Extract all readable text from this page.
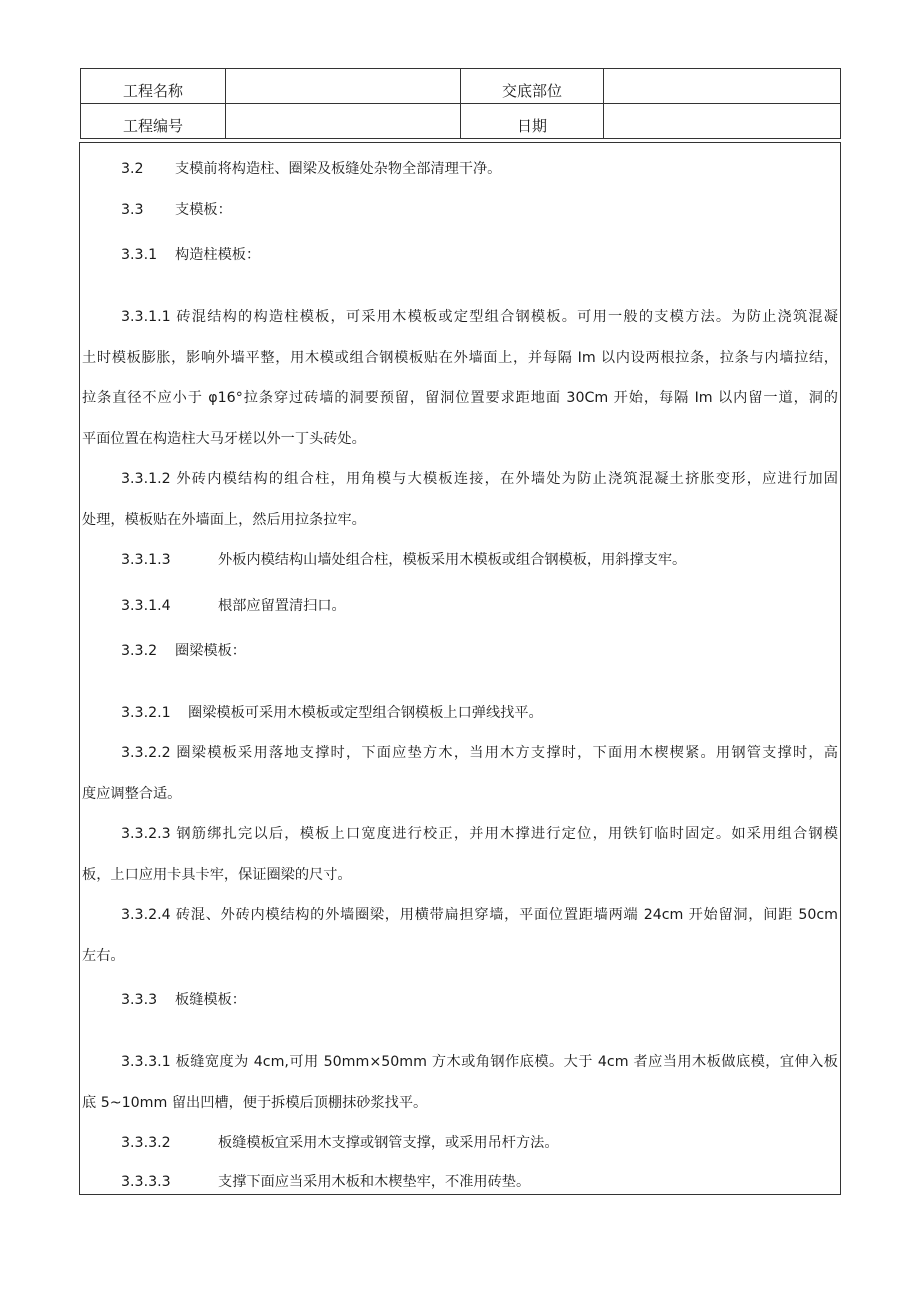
工程名称		交底部位	
工程编号		日期	
3.2 支模前将构造柱、圈梁及板缝处杂物全部清理干净。
3.3 支模板：
3.3.1 构造柱模板：
3.3.1.1 砖混结构的构造柱模板，可采用木模板或定型组合钢模板。可用一般的支模方法。为防止浇筑混凝
土时模板膨胀，影响外墙平整，用木模或组合钢模板贴在外墙面上，并每隔 Im 以内设两根拉条，拉条与内墙拉结，
拉条直径不应小于 φ16°拉条穿过砖墙的洞要预留，留洞位置要求距地面 30Cm 开始，每隔 Im 以内留一道，洞的
平面位置在构造柱大马牙槎以外一丁头砖处。
3.3.1.2 外砖内模结构的组合柱，用角模与大模板连接，在外墙处为防止浇筑混凝土挤胀变形，应进行加固
处理，模板贴在外墙面上，然后用拉条拉牢。
3.3.1.3	外板内模结构山墙处组合柱，模板采用木模板或组合钢模板，用斜撑支牢。
3.3.1.4	根部应留置清扫口。
3.3.2 圈梁模板：
3.3.2.1 圈梁模板可采用木模板或定型组合钢模板上口弹线找平。
3.3.2.2 圈梁模板采用落地支撑时，下面应垫方木，当用木方支撑时，下面用木楔楔紧。用钢管支撑时，高
度应调整合适。
3.3.2.3 钢筋绑扎完以后，模板上口宽度进行校正，并用木撑进行定位，用铁钉临时固定。如采用组合钢模
板，上口应用卡具卡牢，保证圈梁的尺寸。
3.3.2.4 砖混、外砖内模结构的外墙圈梁，用横带扁担穿墙，平面位置距墙两端 24cm 开始留洞，间距 50cm
左右。
3.3.3 板缝模板：
3.3.3.1 板缝宽度为 4cm,可用 50mm×50mm 方木或角钢作底模。大于 4cm 者应当用木板做底模，宜伸入板
底 5~10mm 留出凹槽，便于拆模后顶棚抹砂浆找平。
3.3.3.2	板缝模板宜采用木支撑或钢管支撑，或采用吊杆方法。
3.3.3.3	支撑下面应当采用木板和木楔垫牢，不准用砖垫。
